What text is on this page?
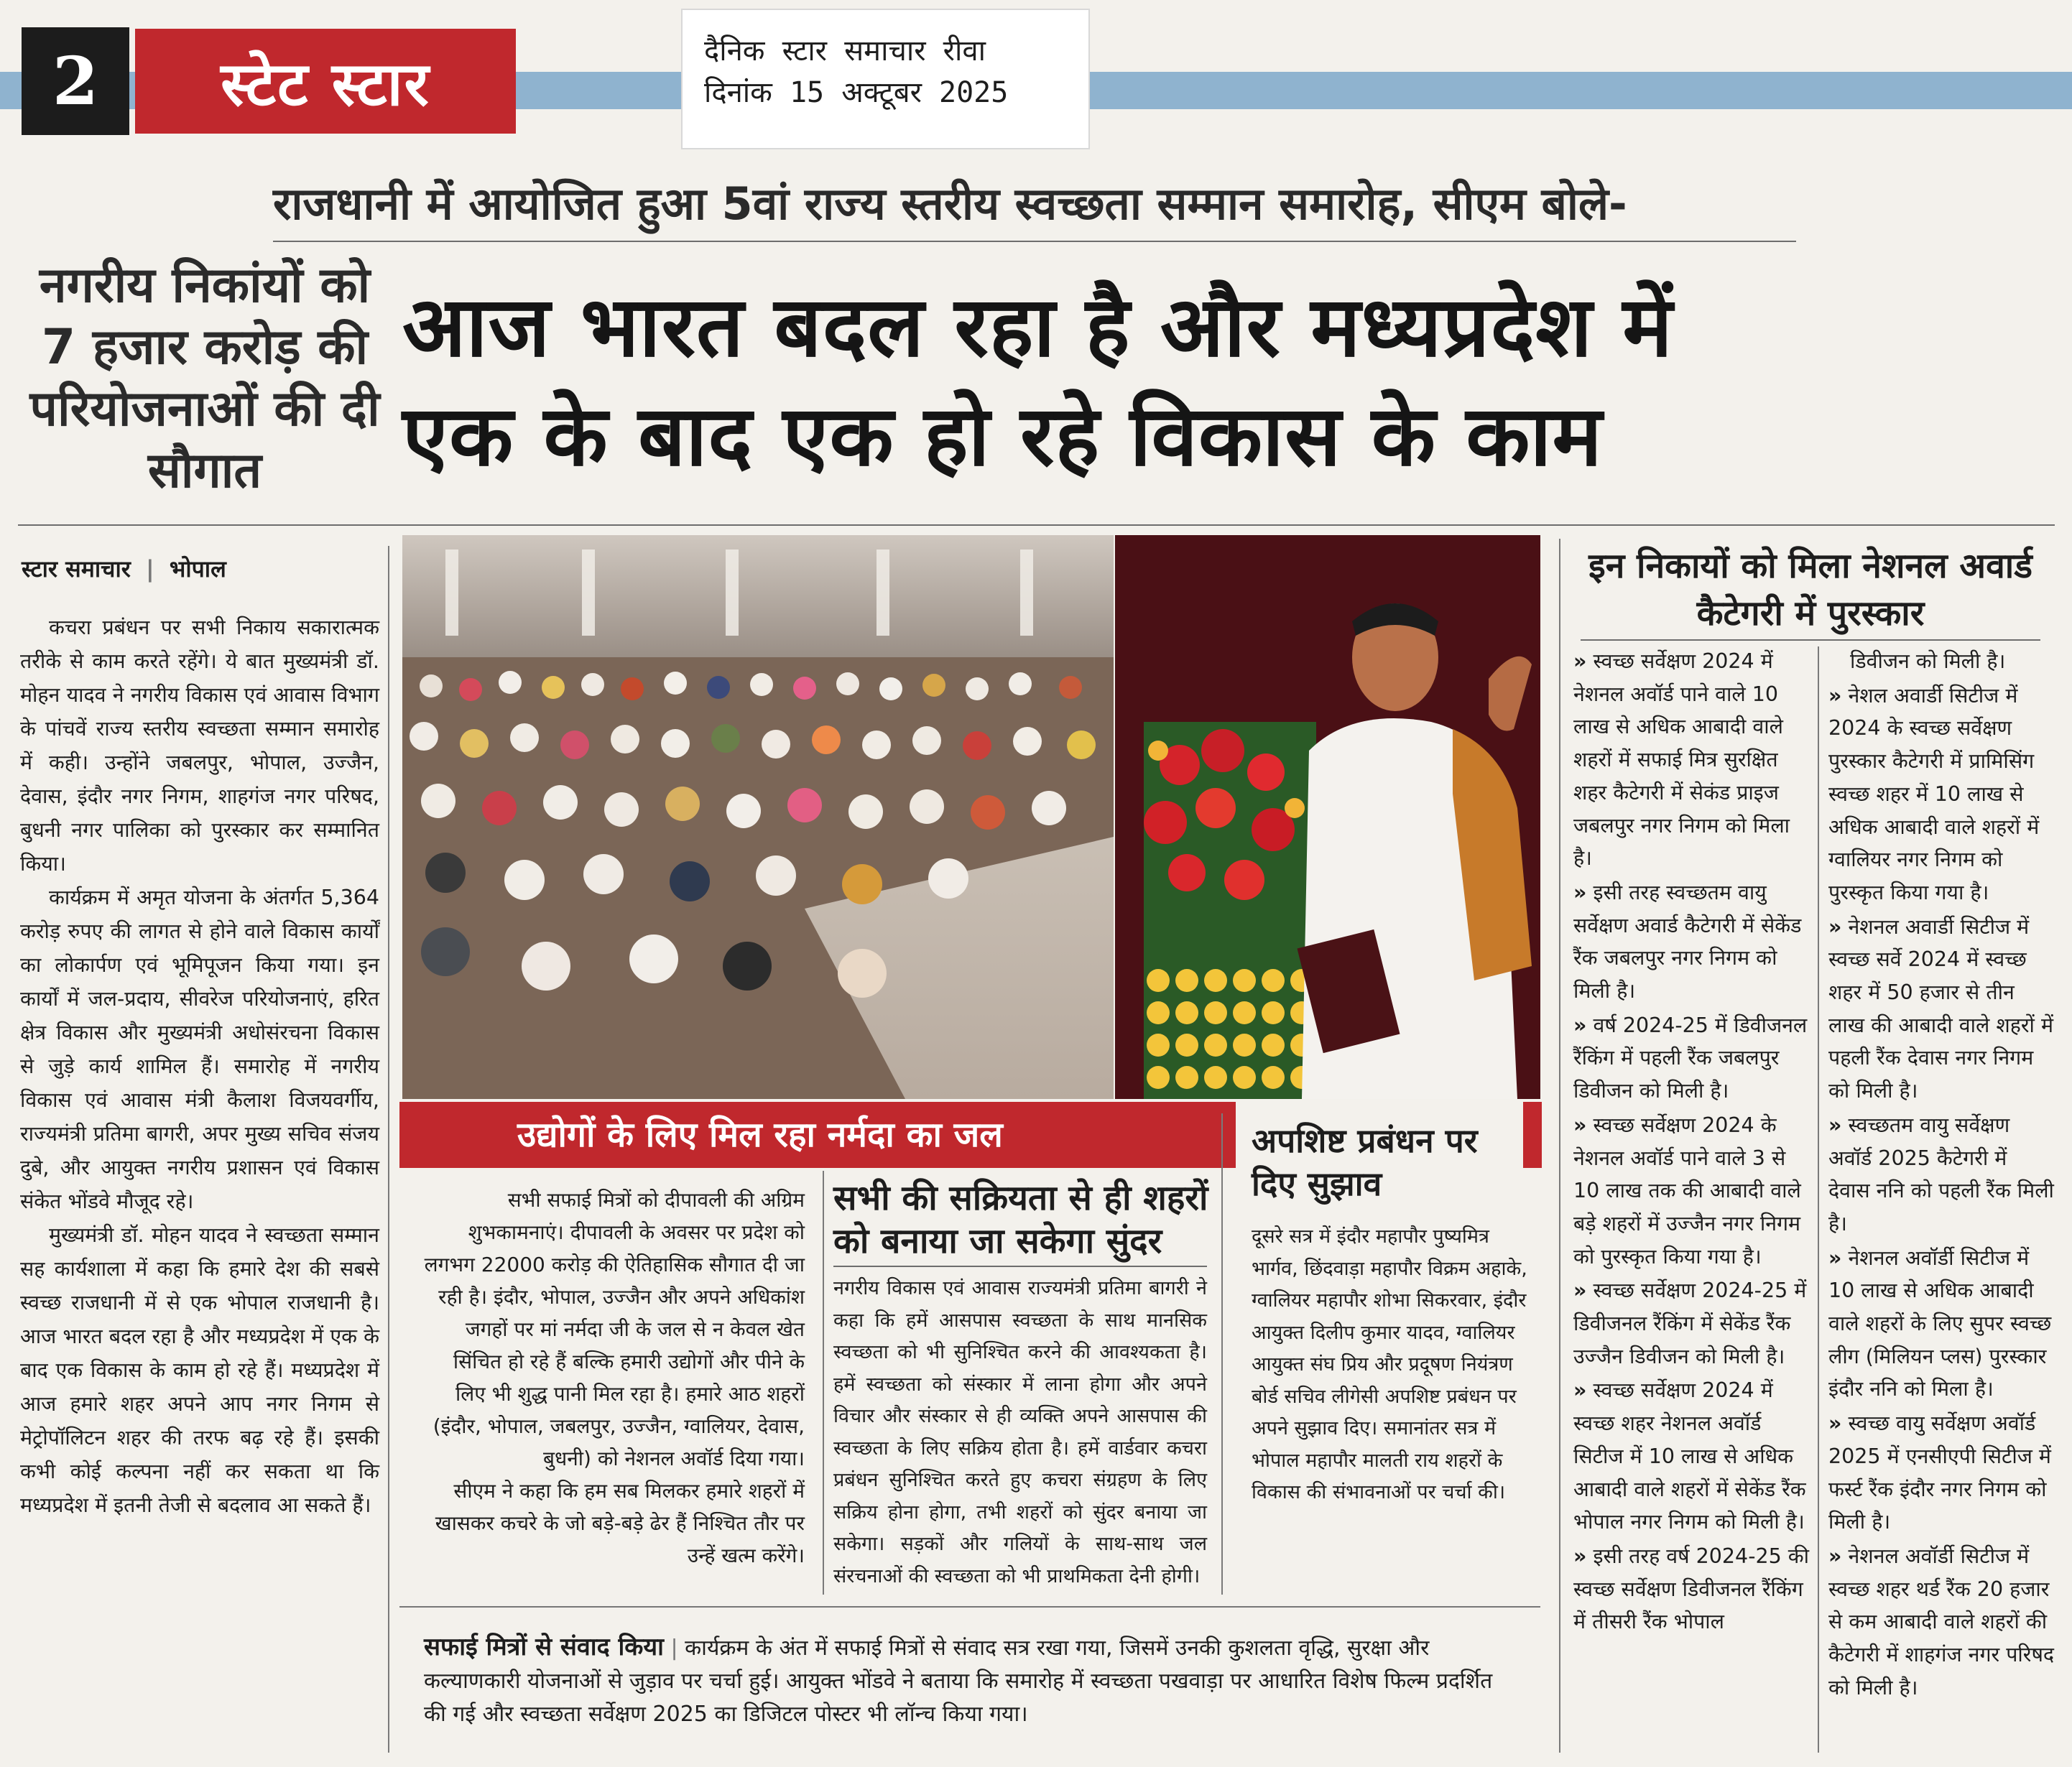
2	स्टेट स्टार	दैनिक स्टार समाचार रीवा
दिनांक 15 अक्टूबर 2025
राजधानी में आयोजित हुआ 5वां राज्य स्तरीय स्वच्छता सम्मान समारोह, सीएम बोले-
नगरीय निकांयों को 7 हजार करोड़ की परियोजनाओं की दी सौगात
आज भारत बदल रहा है और मध्यप्रदेश में
एक के बाद एक हो रहे विकास के काम
स्टार समाचार | भोपाल

कचरा प्रबंधन पर सभी निकाय सकारात्मक तरीके से काम करते रहेंगे। ये बात मुख्यमंत्री डॉ. मोहन यादव ने नगरीय विकास एवं आवास विभाग के पांचवें राज्य स्तरीय स्वच्छता सम्मान समारोह में कही। उन्होंने जबलपुर, भोपाल, उज्जैन, देवास, इंदौर नगर निगम, शाहगंज नगर परिषद, बुधनी नगर पालिका को पुरस्कार कर सम्मानित किया।

कार्यक्रम में अमृत योजना के अंतर्गत 5,364 करोड़ रुपए की लागत से होने वाले विकास कार्यों का लोकार्पण एवं भूमिपूजन किया गया। इन कार्यों में जल-प्रदाय, सीवरेज परियोजनाएं, हरित क्षेत्र विकास और मुख्यमंत्री अधोसंरचना विकास से जुड़े कार्य शामिल हैं। समारोह में नगरीय विकास एवं आवास मंत्री कैलाश विजयवर्गीय, राज्यमंत्री प्रतिमा बागरी, अपर मुख्य सचिव संजय दुबे, और आयुक्त नगरीय प्रशासन एवं विकास संकेत भोंडवे मौजूद रहे।

मुख्यमंत्री डॉ. मोहन यादव ने स्वच्छता सम्मान सह कार्यशाला में कहा कि हमारे देश की सबसे स्वच्छ राजधानी में से एक भोपाल राजधानी है। आज भारत बदल रहा है और मध्यप्रदेश में एक के बाद एक विकास के काम हो रहे हैं। मध्यप्रदेश में आज हमारे शहर अपने आप नगर निगम से मेट्रोपॉलिटन शहर की तरफ बढ़ रहे हैं। इसकी कभी कोई कल्पना नहीं कर सकता था कि मध्यप्रदेश में इतनी तेजी से बदलाव आ सकते हैं।

उद्योगों के लिए मिल रहा नर्मदा का जल

सभी सफाई मित्रों को दीपावली की अग्रिम शुभकामनाएं। दीपावली के अवसर पर प्रदेश को लगभग 22000 करोड़ की ऐतिहासिक सौगात दी जा रही है। इंदौर, भोपाल, उज्जैन और अपने अधिकांश जगहों पर मां नर्मदा जी के जल से न केवल खेत सिंचित हो रहे हैं बल्कि हमारी उद्योगों और पीने के लिए भी शुद्ध पानी मिल रहा है। हमारे आठ शहरों (इंदौर, भोपाल, जबलपुर, उज्जैन, ग्वालियर, देवास, बुधनी) को नेशनल अवॉर्ड दिया गया।

सीएम ने कहा कि हम सब मिलकर हमारे शहरों में खासकर कचरे के जो बड़े-बड़े ढेर हैं निश्चित तौर पर उन्हें खत्म करेंगे।

सभी की सक्रियता से ही शहरों को बनाया जा सकेगा सुंदर

नगरीय विकास एवं आवास राज्यमंत्री प्रतिमा बागरी ने कहा कि हमें आसपास स्वच्छता के साथ मानसिक स्वच्छता को भी सुनिश्चित करने की आवश्यकता है। हमें स्वच्छता को संस्कार में लाना होगा और अपने विचार और संस्कार से ही व्यक्ति अपने आसपास की स्वच्छता के लिए सक्रिय होता है। हमें वार्डवार कचरा प्रबंधन सुनिश्चित करते हुए कचरा संग्रहण के लिए सक्रिय होना होगा, तभी शहरों को सुंदर बनाया जा सकेगा। सड़कों और गलियों के साथ-साथ जल संरचनाओं की स्वच्छता को भी प्राथमिकता देनी होगी।

अपशिष्ट प्रबंधन पर दिए सुझाव

दूसरे सत्र में इंदौर महापौर पुष्यमित्र भार्गव, छिंदवाड़ा महापौर विक्रम अहाके, ग्वालियर महापौर शोभा सिकरवार, इंदौर आयुक्त दिलीप कुमार यादव, ग्वालियर आयुक्त संघ प्रिय और प्रदूषण नियंत्रण बोर्ड सचिव लीगेसी अपशिष्ट प्रबंधन पर अपने सुझाव दिए। समानांतर सत्र में भोपाल महापौर मालती राय शहरों के विकास की संभावनाओं पर चर्चा की।

इन निकायों को मिला नेशनल अवार्ड कैटेगरी में पुरस्कार

» स्वच्छ सर्वेक्षण 2024 में नेशनल अवॉर्ड पाने वाले 10 लाख से अधिक आबादी वाले शहरों में सफाई मित्र सुरक्षित शहर कैटेगरी में सेकंड प्राइज जबलपुर नगर निगम को मिला है।

» इसी तरह स्वच्छतम वायु सर्वेक्षण अवार्ड कैटेगरी में सेकेंड रैंक जबलपुर नगर निगम को मिली है।

» वर्ष 2024-25 में डिवीजनल रैंकिंग में पहली रैंक जबलपुर डिवीजन को मिली है।

» स्वच्छ सर्वेक्षण 2024 के नेशनल अवॉर्ड पाने वाले 3 से 10 लाख तक की आबादी वाले बड़े शहरों में उज्जैन नगर निगम को पुरस्कृत किया गया है।

» स्वच्छ सर्वेक्षण 2024-25 में डिवीजनल रैंकिंग में सेकेंड रैंक उज्जैन डिवीजन को मिली है।

» स्वच्छ सर्वेक्षण 2024 में स्वच्छ शहर नेशनल अवॉर्ड सिटीज में 10 लाख से अधिक आबादी वाले शहरों में सेकेंड रैंक भोपाल नगर निगम को मिली है।

» इसी तरह वर्ष 2024-25 की स्वच्छ सर्वेक्षण डिवीजनल रैंकिंग में तीसरी रैंक भोपाल

डिवीजन को मिली है।

» नेशल अवार्डी सिटीज में 2024 के स्वच्छ सर्वेक्षण पुरस्कार कैटेगरी में प्रामिसिंग स्वच्छ शहर में 10 लाख से अधिक आबादी वाले शहरों में ग्वालियर नगर निगम को पुरस्कृत किया गया है।

» नेशनल अवार्डी सिटीज में स्वच्छ सर्वे 2024 में स्वच्छ शहर में 50 हजार से तीन लाख की आबादी वाले शहरों में पहली रैंक देवास नगर निगम को मिली है।

» स्वच्छतम वायु सर्वेक्षण अवॉर्ड 2025 कैटेगरी में देवास ननि को पहली रैंक मिली है।

» नेशनल अवॉर्डी सिटीज में 10 लाख से अधिक आबादी वाले शहरों के लिए सुपर स्वच्छ लीग (मिलियन प्लस) पुरस्कार इंदौर ननि को मिला है।

» स्वच्छ वायु सर्वेक्षण अवॉर्ड 2025 में एनसीएपी सिटीज में फर्स्ट रैंक इंदौर नगर निगम को मिली है।

» नेशनल अवॉर्डी सिटीज में स्वच्छ शहर थर्ड रैंक 20 हजार से कम आबादी वाले शहरों की कैटेगरी में शाहगंज नगर परिषद को मिली है।

सफाई मित्रों से संवाद किया | कार्यक्रम के अंत में सफाई मित्रों से संवाद सत्र रखा गया, जिसमें उनकी कुशलता वृद्धि, सुरक्षा और कल्याणकारी योजनाओं से जुड़ाव पर चर्चा हुई। आयुक्त भोंडवे ने बताया कि समारोह में स्वच्छता पखवाड़ा पर आधारित विशेष फिल्म प्रदर्शित की गई और स्वच्छता सर्वेक्षण 2025 का डिजिटल पोस्टर भी लॉन्च किया गया।
